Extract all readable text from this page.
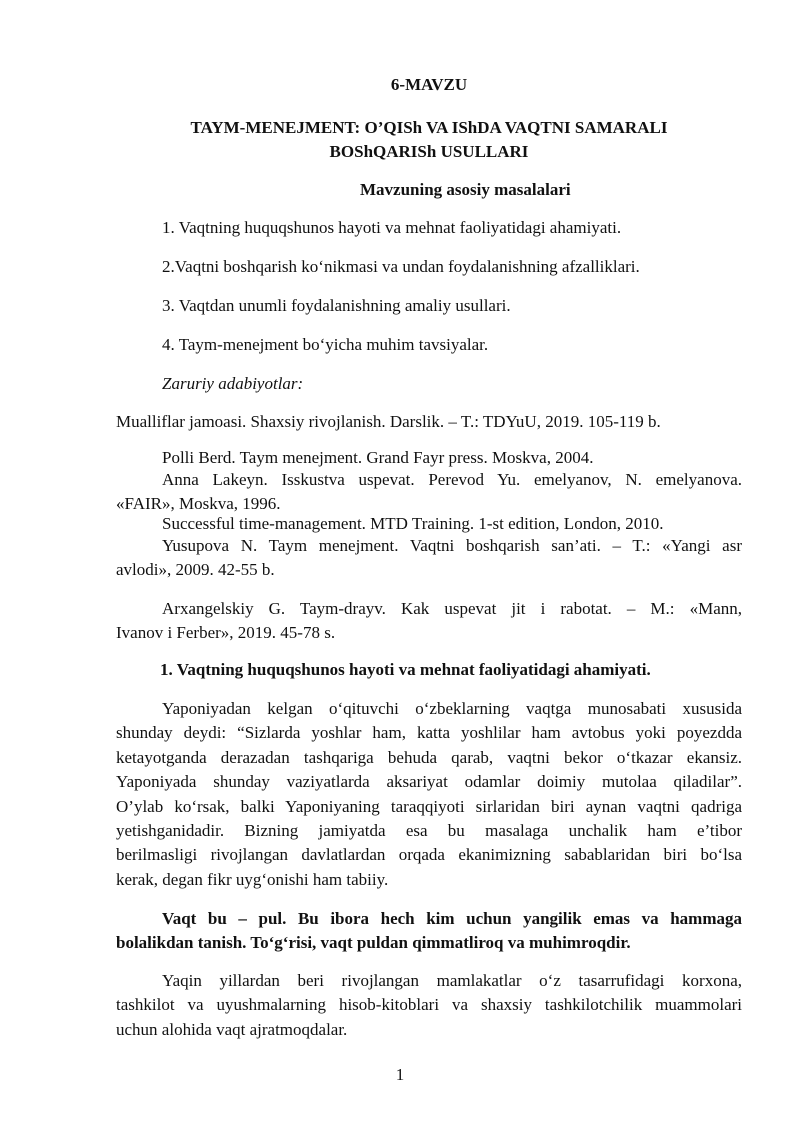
6-MAVZU
TAYM-MENEJMENT: O’QISh VA IShDA VAQTNI SAMARALI
BOShQARISh USULLARI
Mavzuning asosiy masalalari
1. Vaqtning huquqshunos hayoti va mehnat faoliyatidagi ahamiyati.
2.Vaqtni boshqarish ko‘nikmasi va undan foydalanishning afzalliklari.
3. Vaqtdan unumli foydalanishning amaliy usullari.
4. Taym-menejment bo‘yicha muhim tavsiyalar.
Zaruriy adabiyotlar:
Mualliflar jamoasi. Shaxsiy rivojlanish. Darslik. – T.: TDYuU, 2019. 105-119 b.
Polli Berd. Taym menejment. Grand Fayr press. Moskva, 2004.
Anna Lakeyn. Isskustva uspevat. Perevod Yu. emelyanov, N. emelyanova.
«FAIR», Moskva, 1996.
Successful time-management. MTD Training. 1-st edition, London, 2010.
Yusupova N. Taym menejment. Vaqtni boshqarish san’ati. – T.: «Yangi asr
avlodi», 2009. 42-55 b.
Arxangelskiy G. Taym-drayv. Kak uspevat jit i rabotat. – M.: «Mann,
Ivanov i Ferber», 2019. 45-78 s.
1. Vaqtning huquqshunos hayoti va mehnat faoliyatidagi ahamiyati.
Yaponiyadan kelgan o‘qituvchi o‘zbeklarning vaqtga munosabati xususida
shunday deydi: “Sizlarda yoshlar ham, katta yoshlilar ham avtobus yoki poyezdda
ketayotganda derazadan tashqariga behuda qarab, vaqtni bekor o‘tkazar ekansiz.
Yaponiyada shunday vaziyatlarda aksariyat odamlar doimiy mutolaa qiladilar”.
O’ylab ko‘rsak, balki Yaponiyaning taraqqiyoti sirlaridan biri aynan vaqtni qadriga
yetishganidadir. Bizning jamiyatda esa bu masalaga unchalik ham e’tibor
berilmasligi rivojlangan davlatlardan orqada ekanimizning sabablaridan biri bo‘lsa
kerak, degan fikr uyg‘onishi ham tabiiy.
Vaqt bu – pul. Bu ibora hech kim uchun yangilik emas va hammaga
bolalikdan tanish. To‘g‘risi, vaqt puldan qimmatliroq va muhimroqdir.
Yaqin yillardan beri rivojlangan mamlakatlar o‘z tasarrufidagi korxona,
tashkilot va uyushmalarning hisob-kitoblari va shaxsiy tashkilotchilik muammolari
uchun alohida vaqt ajratmoqdalar.
1
